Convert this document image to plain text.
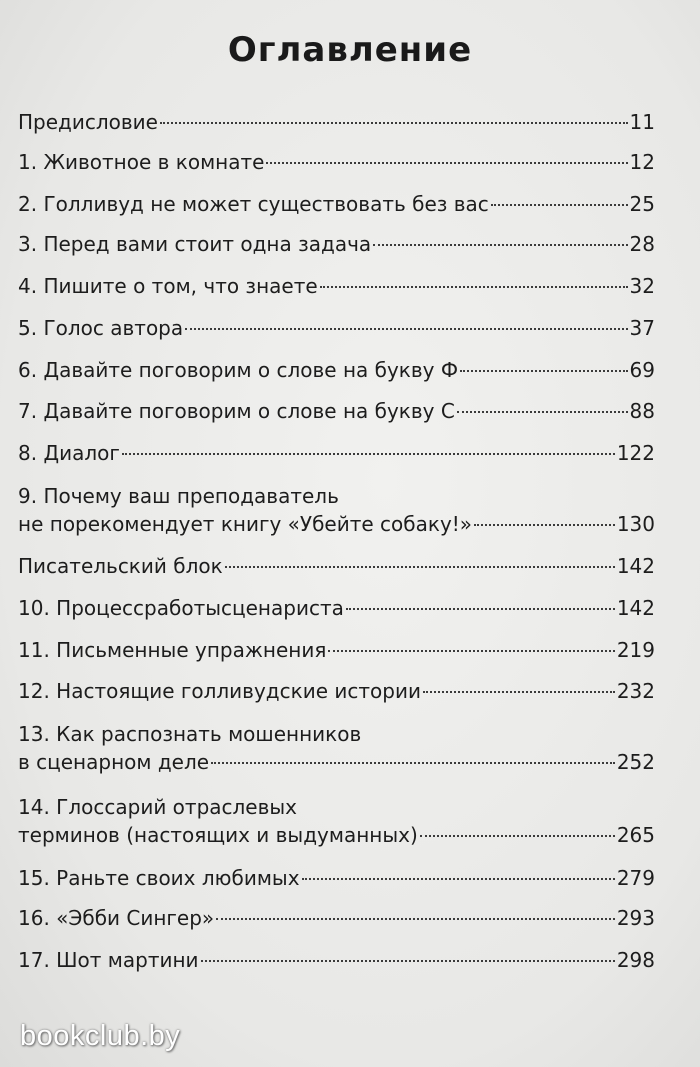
Оглавление
Предисловие	11
1. Животное в комнате	12
2. Голливуд не может существовать без вас	25
3. Перед вами стоит одна задача	28
4. Пишите о том, что знаете	32
5. Голос автора	37
6. Давайте поговорим о слове на букву Ф	69
7. Давайте поговорим о слове на букву С	88
8. Диалог	122
9. Почему ваш преподаватель
не порекомендует книгу «Убейте собаку!»	130
Писательский блок	142
10. Процессработысценариста	142
11. Письменные упражнения	219
12. Настоящие голливудские истории	232
13. Как распознать мошенников
в сценарном деле	252
14. Глоссарий отраслевых
терминов (настоящих и выдуманных)	265
15. Раньте своих любимых	279
16. «Эбби Сингер»	293
17. Шот мартини	298
bookclub.by
